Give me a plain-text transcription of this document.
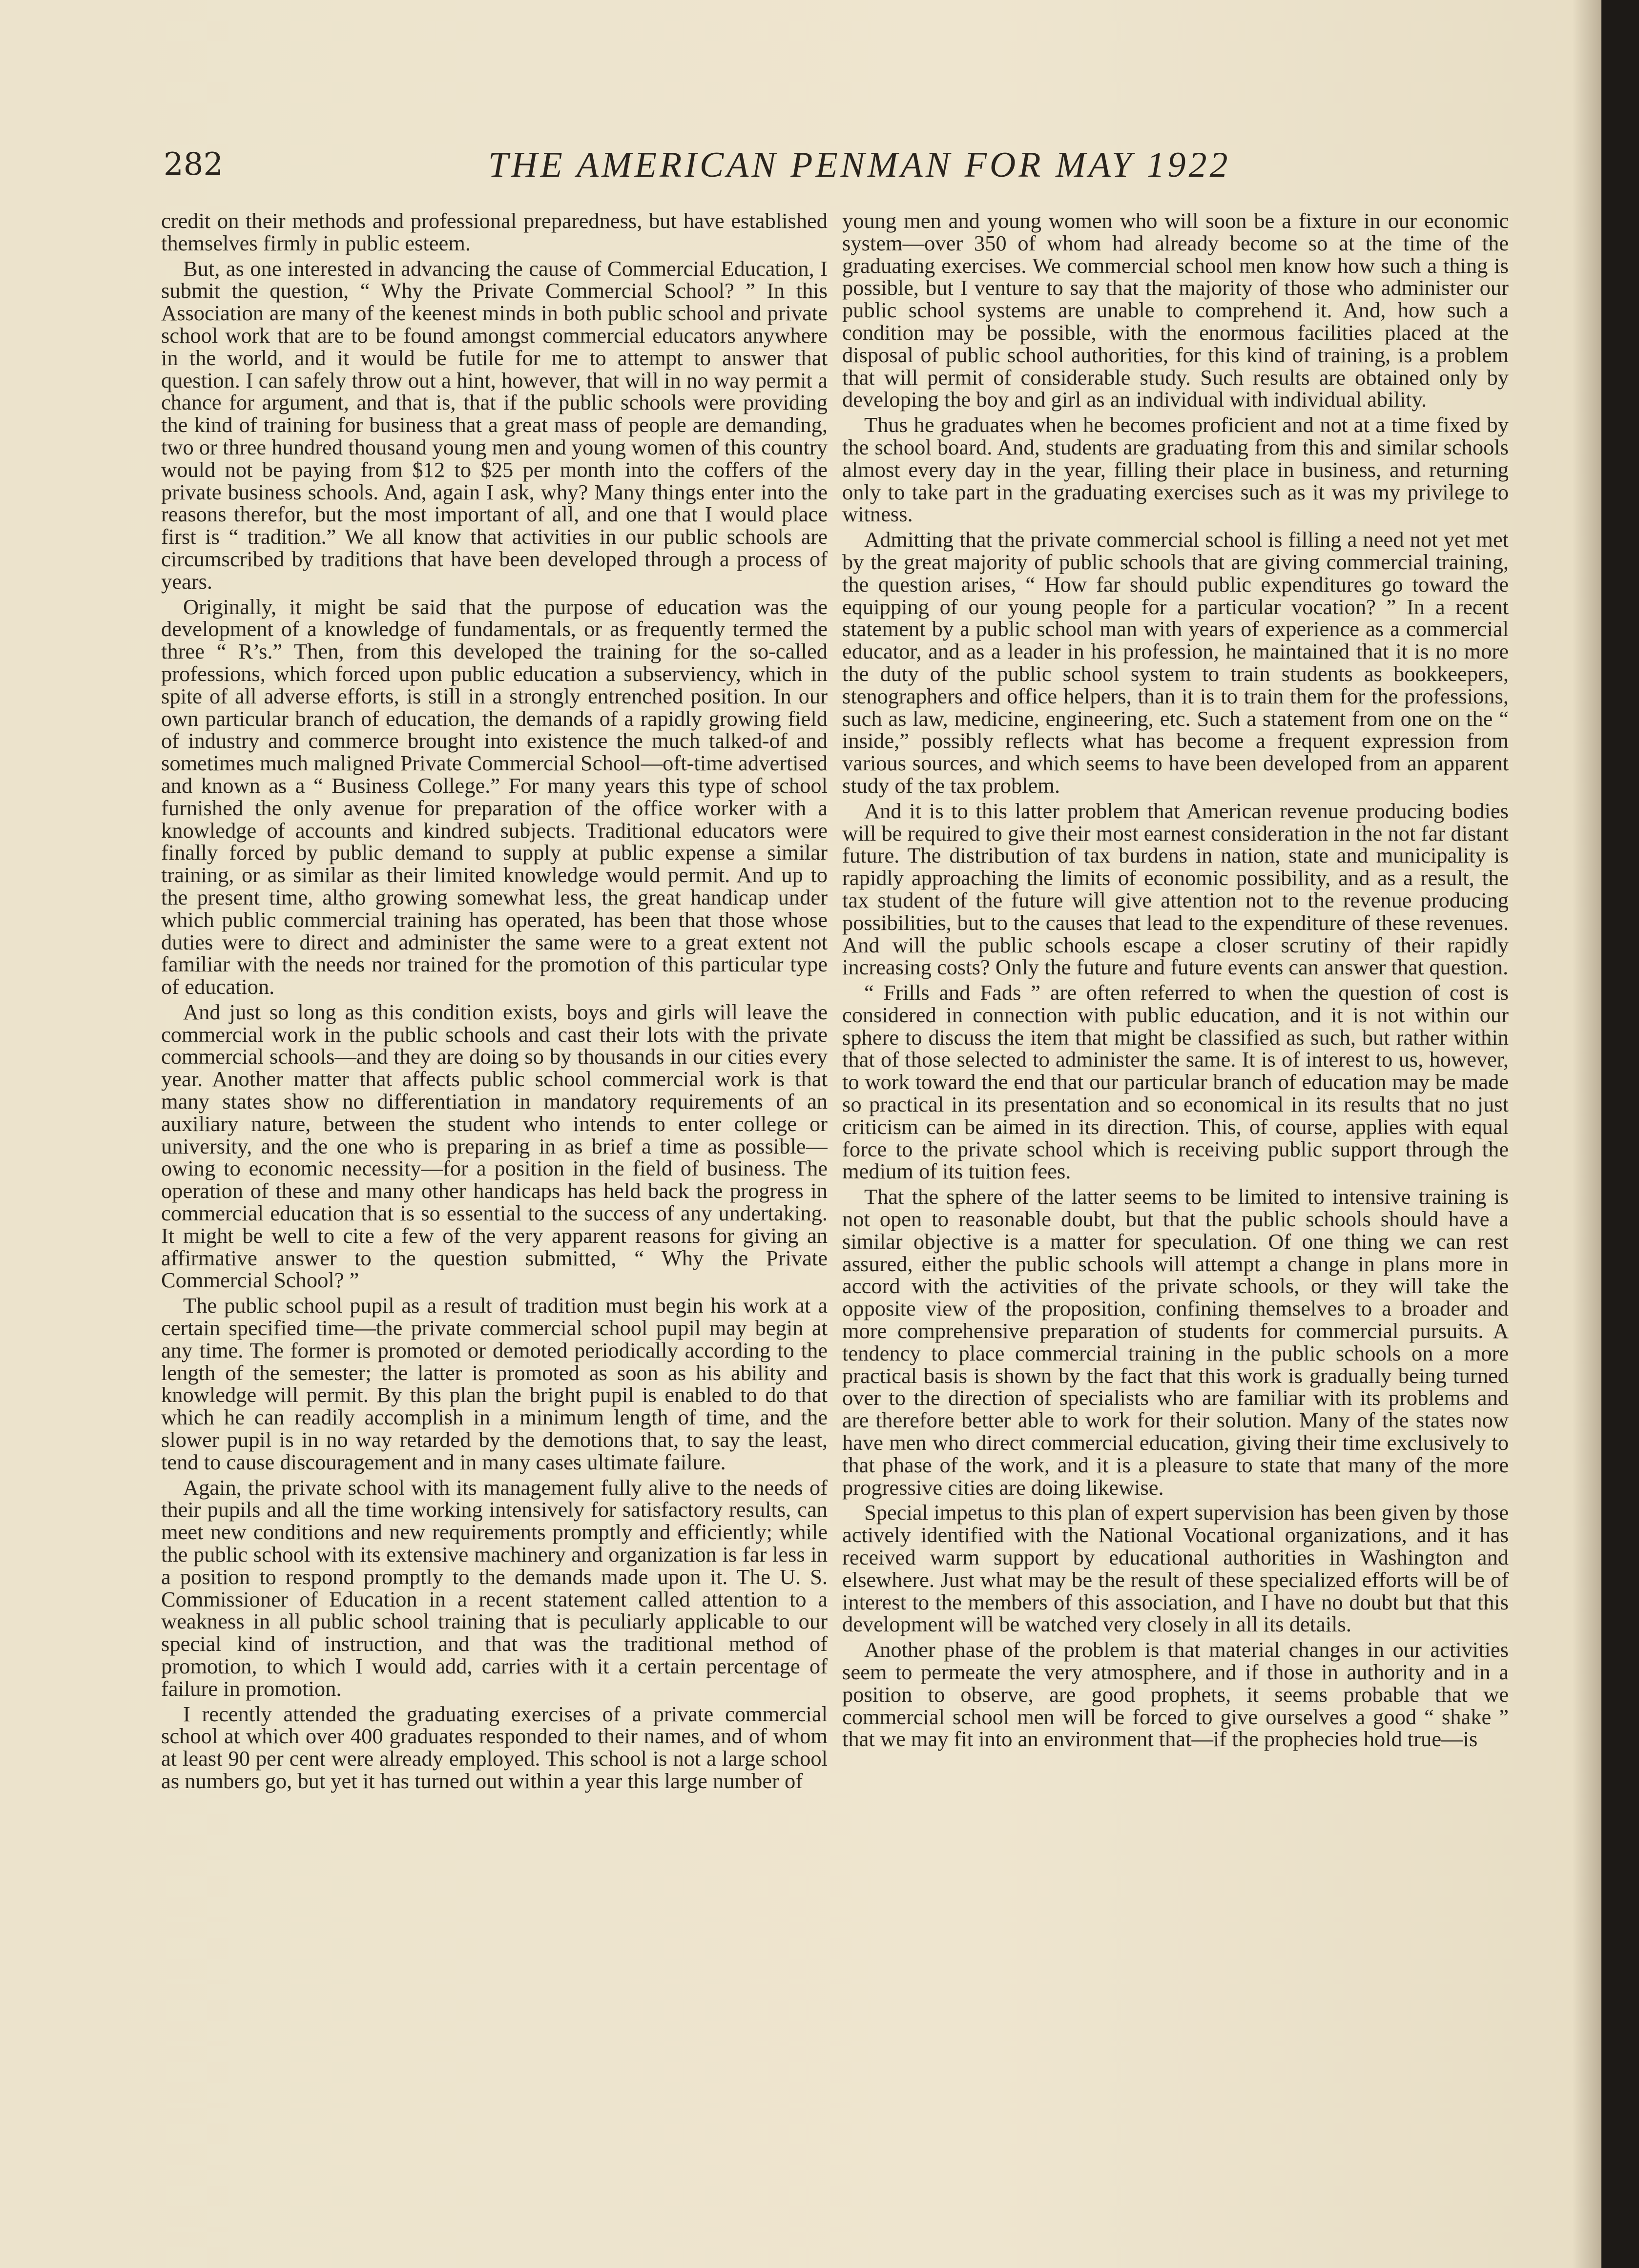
282	THE AMERICAN PENMAN FOR MAY 1922

credit on their methods and professional preparedness, but have established themselves firmly in public esteem.

But, as one interested in advancing the cause of Commercial Education, I submit the question, “ Why the Private Commercial School? ” In this Association are many of the keenest minds in both public school and private school work that are to be found amongst commercial educators anywhere in the world, and it would be futile for me to attempt to answer that question. I can safely throw out a hint, however, that will in no way permit a chance for argument, and that is, that if the public schools were providing the kind of training for business that a great mass of people are demanding, two or three hundred thousand young men and young women of this country would not be paying from $12 to $25 per month into the coffers of the private business schools. And, again I ask, why? Many things enter into the reasons therefor, but the most important of all, and one that I would place first is “ tradition.” We all know that activities in our public schools are circumscribed by traditions that have been developed through a process of years.

Originally, it might be said that the purpose of education was the development of a knowledge of fundamentals, or as frequently termed the three “ R’s.” Then, from this developed the training for the so-called professions, which forced upon public education a subserviency, which in spite of all adverse efforts, is still in a strongly entrenched position. In our own particular branch of education, the demands of a rapidly growing field of industry and commerce brought into existence the much talked-of and sometimes much maligned Private Commercial School—oft-time advertised and known as a “ Business College.” For many years this type of school furnished the only avenue for preparation of the office worker with a knowledge of accounts and kindred subjects. Traditional educators were finally forced by public demand to supply at public expense a similar training, or as similar as their limited knowledge would permit. And up to the present time, altho growing somewhat less, the great handicap under which public commercial training has operated, has been that those whose duties were to direct and administer the same were to a great extent not familiar with the needs nor trained for the promotion of this particular type of education.

And just so long as this condition exists, boys and girls will leave the commercial work in the public schools and cast their lots with the private commercial schools—and they are doing so by thousands in our cities every year. Another matter that affects public school commercial work is that many states show no differentiation in mandatory requirements of an auxiliary nature, between the student who intends to enter college or university, and the one who is preparing in as brief a time as possible—owing to economic necessity—for a position in the field of business. The operation of these and many other handicaps has held back the progress in commercial education that is so essential to the success of any undertaking. It might be well to cite a few of the very apparent reasons for giving an affirmative answer to the question submitted, “ Why the Private Commercial School? ”

The public school pupil as a result of tradition must begin his work at a certain specified time—the private commercial school pupil may begin at any time. The former is promoted or demoted periodically according to the length of the semester; the latter is promoted as soon as his ability and knowledge will permit. By this plan the bright pupil is enabled to do that which he can readily accomplish in a minimum length of time, and the slower pupil is in no way retarded by the demotions that, to say the least, tend to cause discouragement and in many cases ultimate failure.

Again, the private school with its management fully alive to the needs of their pupils and all the time working intensively for satisfactory results, can meet new conditions and new requirements promptly and efficiently; while the public school with its extensive machinery and organization is far less in a position to respond promptly to the demands made upon it. The U. S. Commissioner of Education in a recent statement called attention to a weakness in all public school training that is peculiarly applicable to our special kind of instruction, and that was the traditional method of promotion, to which I would add, carries with it a certain percentage of failure in promotion.

I recently attended the graduating exercises of a private commercial school at which over 400 graduates responded to their names, and of whom at least 90 per cent were already employed. This school is not a large school as numbers go, but yet it has turned out within a year this large number of

young men and young women who will soon be a fixture in our economic system—over 350 of whom had already become so at the time of the graduating exercises. We commercial school men know how such a thing is possible, but I venture to say that the majority of those who administer our public school systems are unable to comprehend it. And, how such a condition may be possible, with the enormous facilities placed at the disposal of public school authorities, for this kind of training, is a problem that will permit of considerable study. Such results are obtained only by developing the boy and girl as an individual with individual ability.

Thus he graduates when he becomes proficient and not at a time fixed by the school board. And, students are graduating from this and similar schools almost every day in the year, filling their place in business, and returning only to take part in the graduating exercises such as it was my privilege to witness.

Admitting that the private commercial school is filling a need not yet met by the great majority of public schools that are giving commercial training, the question arises, “ How far should public expenditures go toward the equipping of our young people for a particular vocation? ” In a recent statement by a public school man with years of experience as a commercial educator, and as a leader in his profession, he maintained that it is no more the duty of the public school system to train students as bookkeepers, stenographers and office helpers, than it is to train them for the professions, such as law, medicine, engineering, etc. Such a statement from one on the “ inside,” possibly reflects what has become a frequent expression from various sources, and which seems to have been developed from an apparent study of the tax problem.

And it is to this latter problem that American revenue producing bodies will be required to give their most earnest consideration in the not far distant future. The distribution of tax burdens in nation, state and municipality is rapidly approaching the limits of economic possibility, and as a result, the tax student of the future will give attention not to the revenue producing possibilities, but to the causes that lead to the expenditure of these revenues. And will the public schools escape a closer scrutiny of their rapidly increasing costs? Only the future and future events can answer that question.

“ Frills and Fads ” are often referred to when the question of cost is considered in connection with public education, and it is not within our sphere to discuss the item that might be classified as such, but rather within that of those selected to administer the same. It is of interest to us, however, to work toward the end that our particular branch of education may be made so practical in its presentation and so economical in its results that no just criticism can be aimed in its direction. This, of course, applies with equal force to the private school which is receiving public support through the medium of its tuition fees.

That the sphere of the latter seems to be limited to intensive training is not open to reasonable doubt, but that the public schools should have a similar objective is a matter for speculation. Of one thing we can rest assured, either the public schools will attempt a change in plans more in accord with the activities of the private schools, or they will take the opposite view of the proposition, confining themselves to a broader and more comprehensive preparation of students for commercial pursuits. A tendency to place commercial training in the public schools on a more practical basis is shown by the fact that this work is gradually being turned over to the direction of specialists who are familiar with its problems and are therefore better able to work for their solution. Many of the states now have men who direct commercial education, giving their time exclusively to that phase of the work, and it is a pleasure to state that many of the more progressive cities are doing likewise.

Special impetus to this plan of expert supervision has been given by those actively identified with the National Vocational organizations, and it has received warm support by educational authorities in Washington and elsewhere. Just what may be the result of these specialized efforts will be of interest to the members of this association, and I have no doubt but that this development will be watched very closely in all its details.

Another phase of the problem is that material changes in our activities seem to permeate the very atmosphere, and if those in authority and in a position to observe, are good prophets, it seems probable that we commercial school men will be forced to give ourselves a good “ shake ” that we may fit into an environment that—if the prophecies hold true—is
